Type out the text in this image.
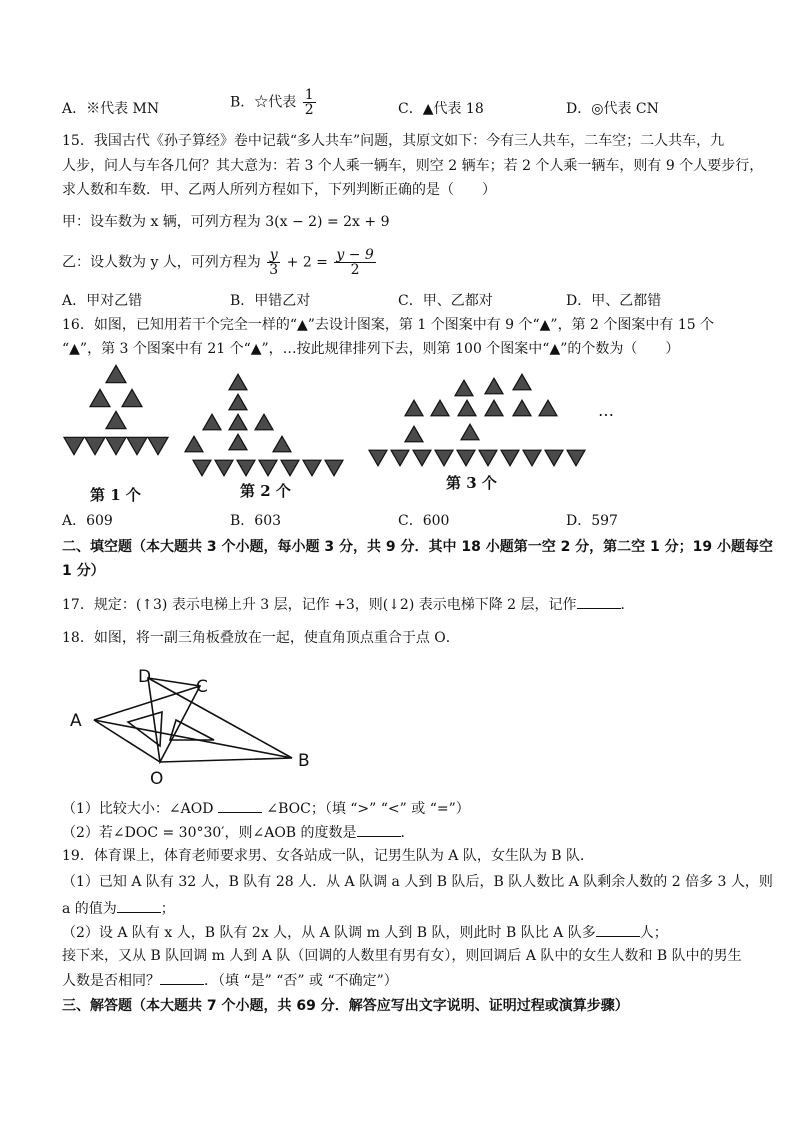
A．※代表 MN	B．☆代表 $\frac{1}{2}$	C．▲代表 18	D．◎代表 CN
15．我国古代《孙子算经》卷中记载“多人共车”问题，其原文如下：今有三人共车，二车空；二人共车，九
人步，问人与车各几何？其大意为：若 3 个人乘一辆车，则空 2 辆车；若 2 个人乘一辆车，则有 9 个人要步行，
求人数和车数．甲、乙两人所列方程如下，下列判断正确的是（　　）
甲：设车数为 x 辆，可列方程为 3(x − 2) = 2x + 9
乙：设人数为 y 人，可列方程为 $\frac{y}{3} + 2 = \frac{y - 9}{2}$
A．甲对乙错	B．甲错乙对	C．甲、乙都对	D．甲、乙都错
16．如图，已知用若干个完全一样的“▲”去设计图案，第 1 个图案中有 9 个“▲”，第 2 个图案中有 15 个
“▲”，第 3 个图案中有 21 个“▲”，…按此规律排列下去，则第 100 个图案中“▲”的个数为（　　）
第 1 个	第 2 个	第 3 个
…
A．609	B．603	C．600	D．597
二、填空题（本大题共 3 个小题，每小题 3 分，共 9 分．其中 18 小题第一空 2 分，第二空 1 分；19 小题每空
1 分）
17．规定：(↑3) 表示电梯上升 3 层，记作 +3，则(↓2) 表示电梯下降 2 层，记作	．
18．如图，将一副三角板叠放在一起，使直角顶点重合于点 O．
D	C
A
O
B
（1）比较大小：∠AOD	∠BOC；（填 “>” “<” 或 “=”）
（2）若∠DOC = 30°30′，则∠AOB 的度数是	．
19．体育课上，体育老师要求男、女各站成一队，记男生队为 A 队，女生队为 B 队．
（1）已知 A 队有 32 人，B 队有 28 人．从 A 队调 a 人到 B 队后，B 队人数比 A 队剩余人数的 2 倍多 3 人，则
a 的值为	；
（2）设 A 队有 x 人，B 队有 2x 人，从 A 队调 m 人到 B 队，则此时 B 队比 A 队多	人；
接下来，又从 B 队回调 m 人到 A 队（回调的人数里有男有女），则回调后 A 队中的女生人数和 B 队中的男生
人数是否相同？	．（填 “是” “否” 或 “不确定”）
三、解答题（本大题共 7 个小题，共 69 分．解答应写出文字说明、证明过程或演算步骤）
